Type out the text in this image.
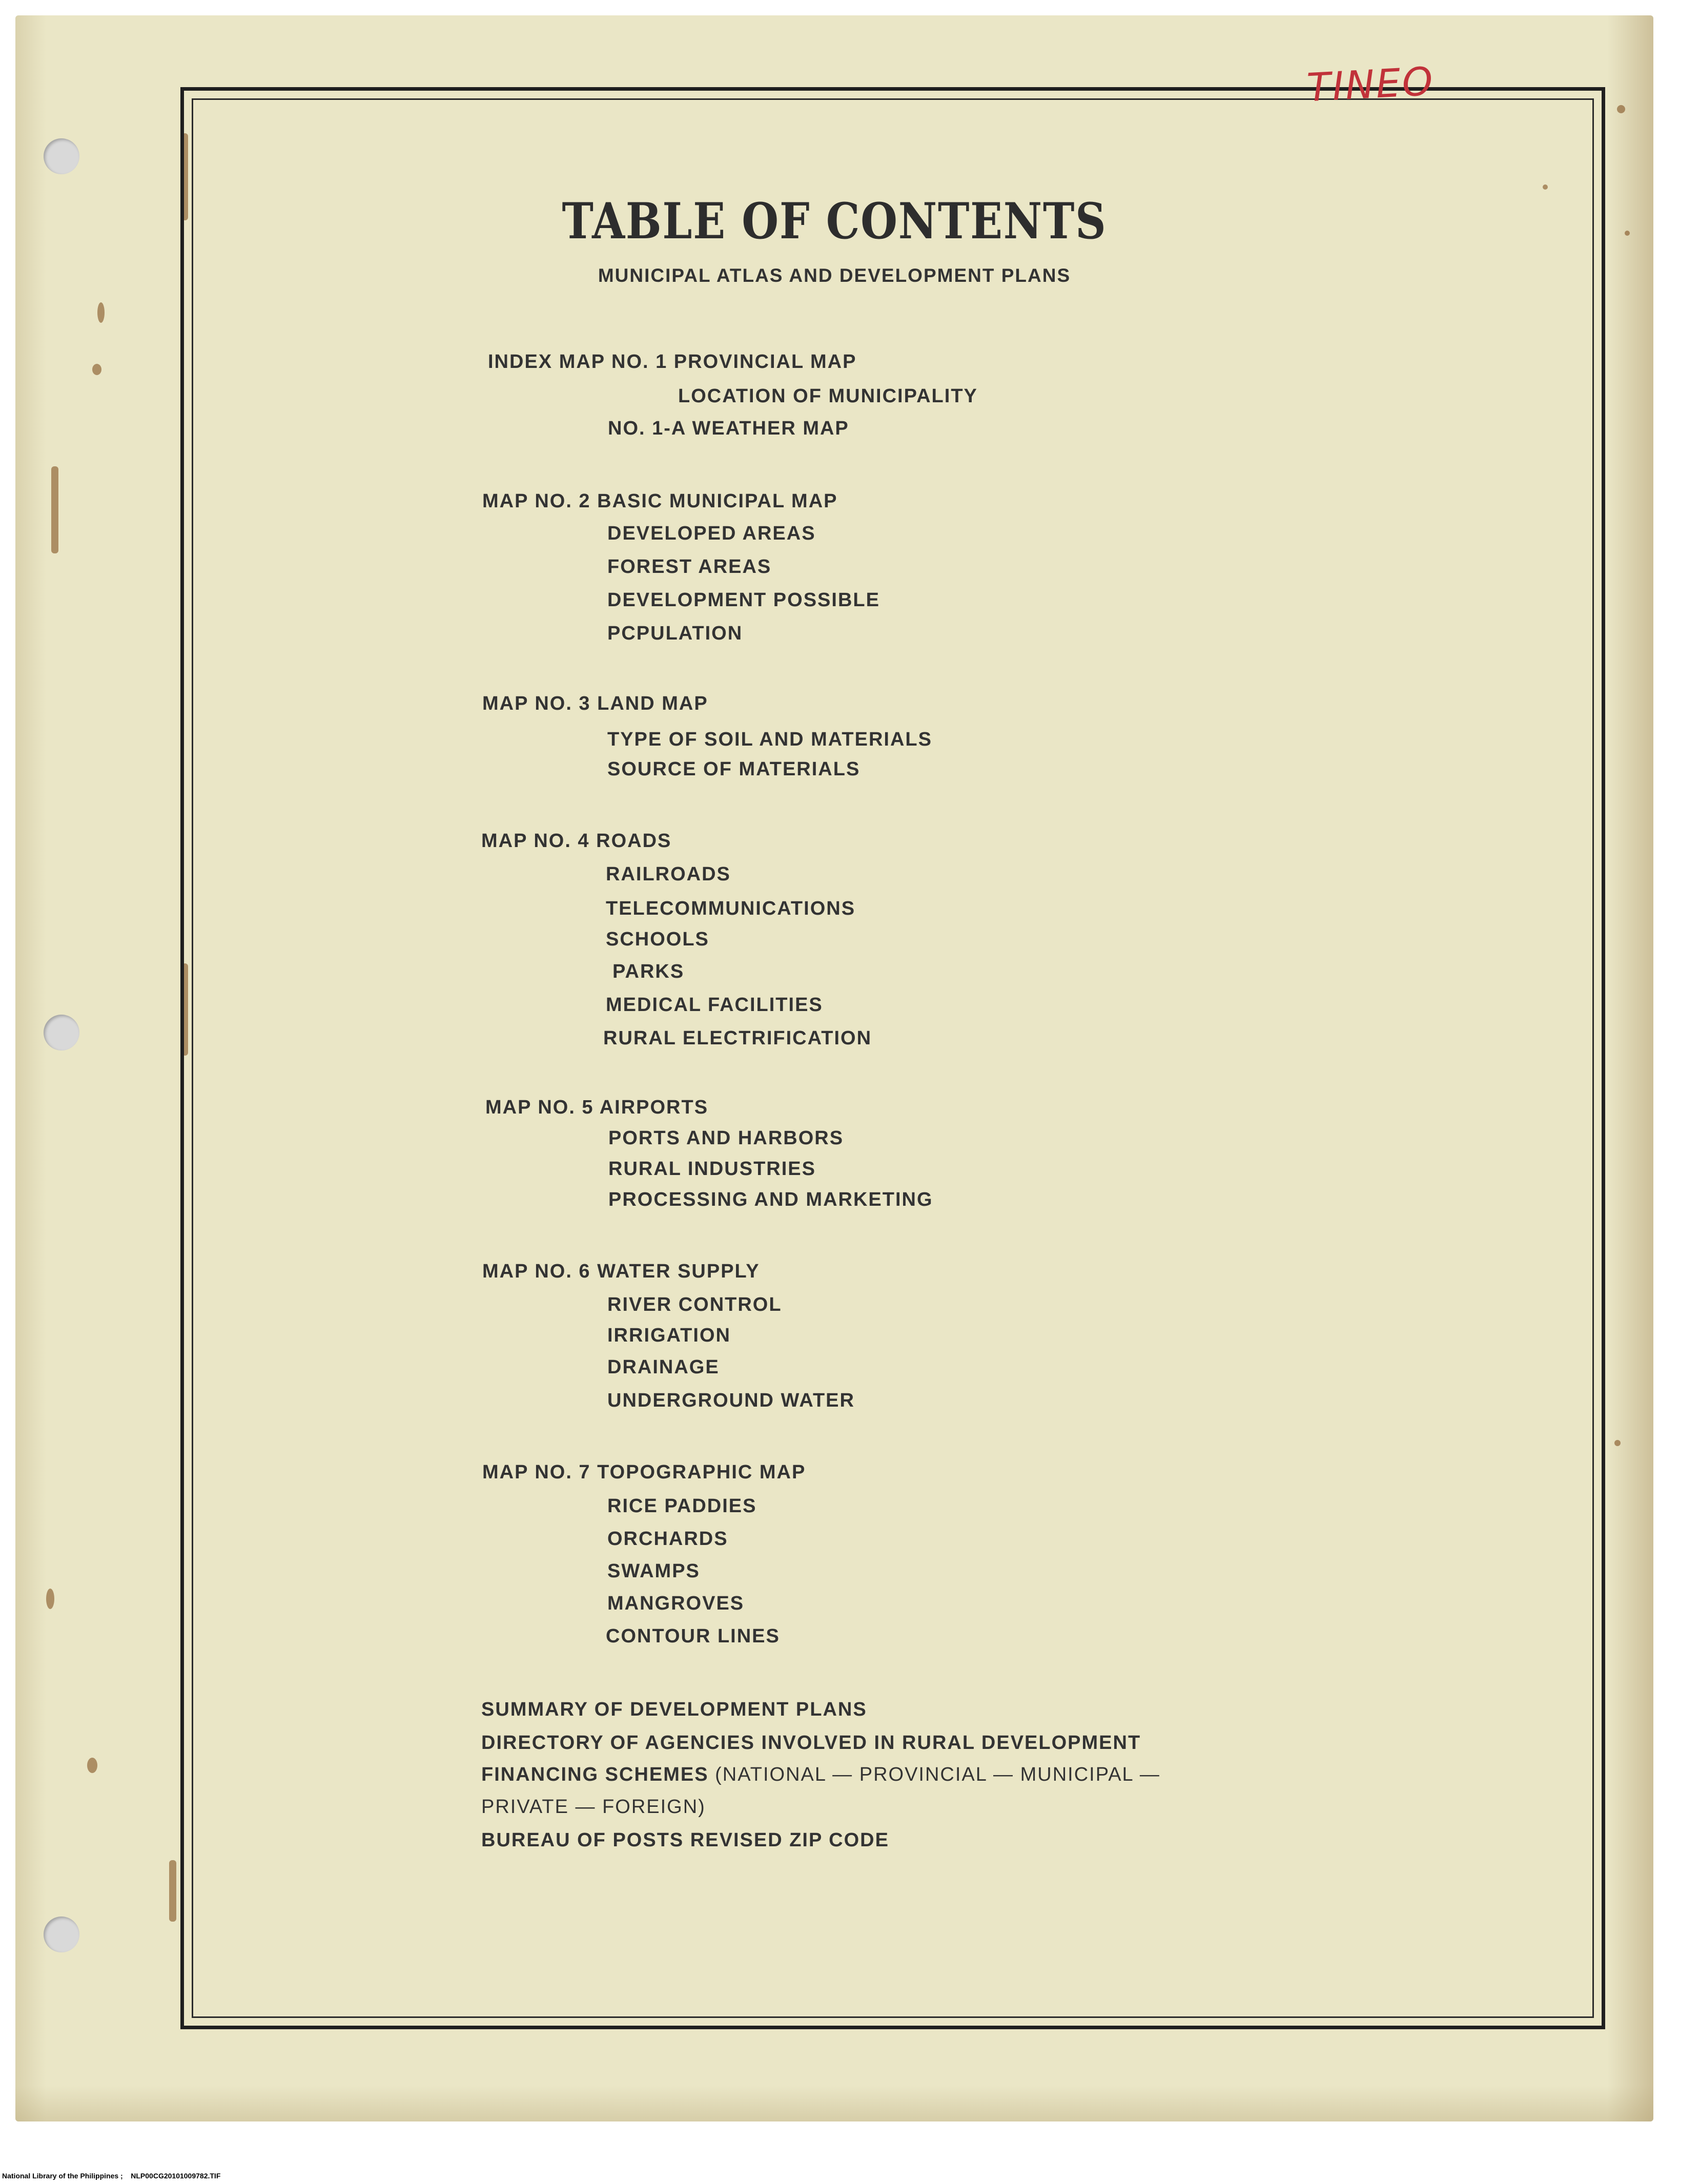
TINEO
TABLE OF CONTENTS
MUNICIPAL ATLAS AND DEVELOPMENT PLANS
INDEX MAP NO. 1 PROVINCIAL MAP
LOCATION OF MUNICIPALITY
NO. 1-A WEATHER MAP
MAP NO. 2 BASIC MUNICIPAL MAP
DEVELOPED AREAS
FOREST AREAS
DEVELOPMENT POSSIBLE
PCPULATION
MAP NO. 3 LAND MAP
TYPE OF SOIL AND MATERIALS
SOURCE OF MATERIALS
MAP NO. 4 ROADS
RAILROADS
TELECOMMUNICATIONS
SCHOOLS
PARKS
MEDICAL FACILITIES
RURAL ELECTRIFICATION
MAP NO. 5 AIRPORTS
PORTS AND HARBORS
RURAL INDUSTRIES
PROCESSING AND MARKETING
MAP NO. 6 WATER SUPPLY
RIVER CONTROL
IRRIGATION
DRAINAGE
UNDERGROUND WATER
MAP NO. 7 TOPOGRAPHIC MAP
RICE PADDIES
ORCHARDS
SWAMPS
MANGROVES
CONTOUR LINES
SUMMARY OF DEVELOPMENT PLANS
DIRECTORY OF AGENCIES INVOLVED IN RURAL DEVELOPMENT
FINANCING SCHEMES (NATIONAL — PROVINCIAL — MUNICIPAL —
PRIVATE — FOREIGN)
BUREAU OF POSTS REVISED ZIP CODE
National Library of the Philippines ; NLP00CG20101009782.TIF
